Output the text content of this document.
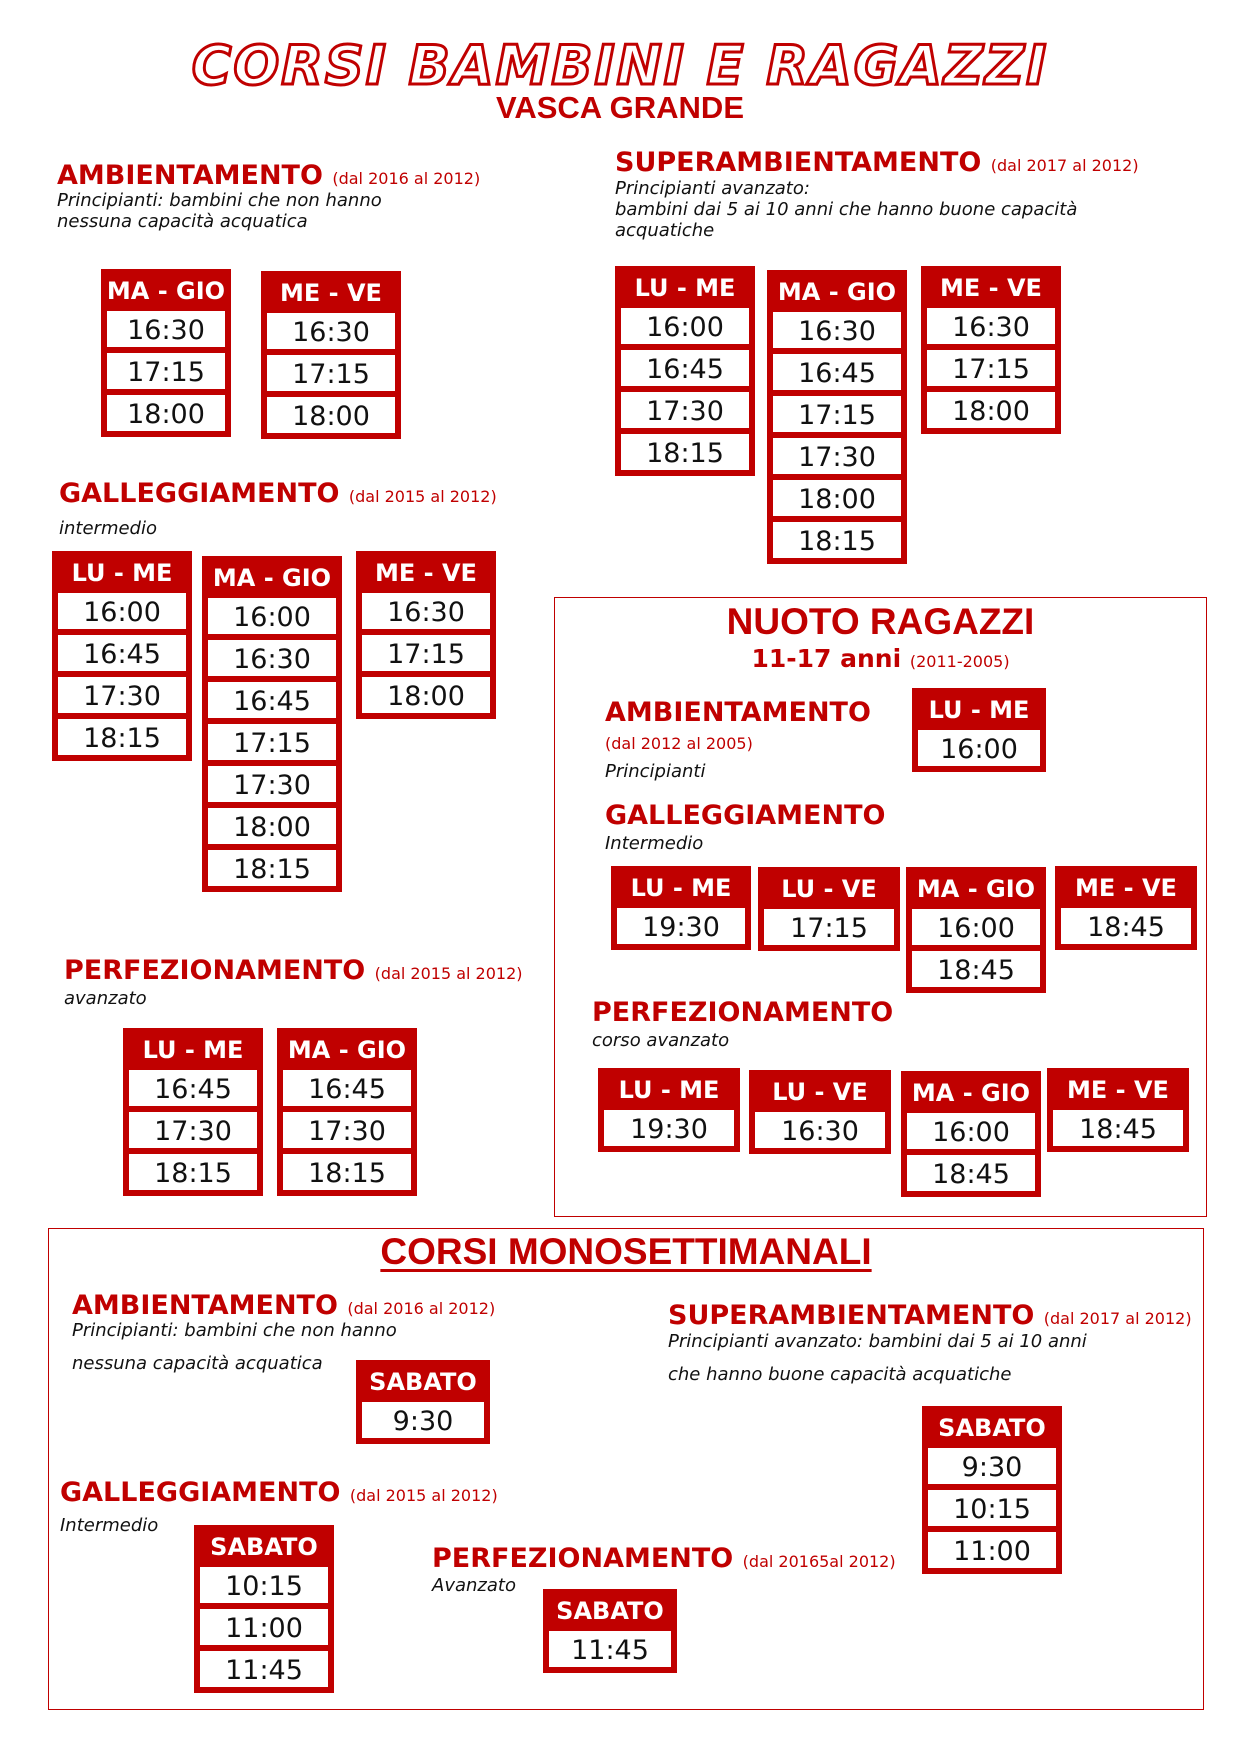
CORSI BAMBINI E RAGAZZI
VASCA GRANDE
AMBIENTAMENTO (dal 2016 al 2012)
Principianti: bambini che non hanno
nessuna capacità acquatica
MA - GIO
16:30
17:15
18:00
ME - VE
16:30
17:15
18:00
SUPERAMBIENTAMENTO (dal 2017 al 2012)
Principianti avanzato:
bambini dai 5 ai 10 anni che hanno buone capacità
acquatiche
LU - ME
16:00
16:45
17:30
18:15
MA - GIO
16:30
16:45
17:15
17:30
18:00
18:15
ME - VE
16:30
17:15
18:00
GALLEGGIAMENTO (dal 2015 al 2012)
intermedio
LU - ME
16:00
16:45
17:30
18:15
MA - GIO
16:00
16:30
16:45
17:15
17:30
18:00
18:15
ME - VE
16:30
17:15
18:00
PERFEZIONAMENTO (dal 2015 al 2012)
avanzato
LU - ME
16:45
17:30
18:15
MA - GIO
16:45
17:30
18:15
NUOTO RAGAZZI
11-17 anni (2011-2005)
AMBIENTAMENTO
(dal 2012 al 2005)
Principianti
LU - ME
16:00
GALLEGGIAMENTO
Intermedio
LU - ME
19:30
LU - VE
17:15
MA - GIO
16:00
18:45
ME - VE
18:45
PERFEZIONAMENTO
corso avanzato
LU - ME
19:30
LU - VE
16:30
MA - GIO
16:00
18:45
ME - VE
18:45
CORSI MONOSETTIMANALI
AMBIENTAMENTO (dal 2016 al 2012)
Principianti: bambini che non hanno
nessuna capacità acquatica
SABATO
9:30
SUPERAMBIENTAMENTO (dal 2017 al 2012)
Principianti avanzato: bambini dai 5 ai 10 anni
che hanno buone capacità acquatiche
SABATO
9:30
10:15
11:00
GALLEGGIAMENTO (dal 2015 al 2012)
Intermedio
SABATO
10:15
11:00
11:45
PERFEZIONAMENTO (dal 20165al 2012)
Avanzato
SABATO
11:45
